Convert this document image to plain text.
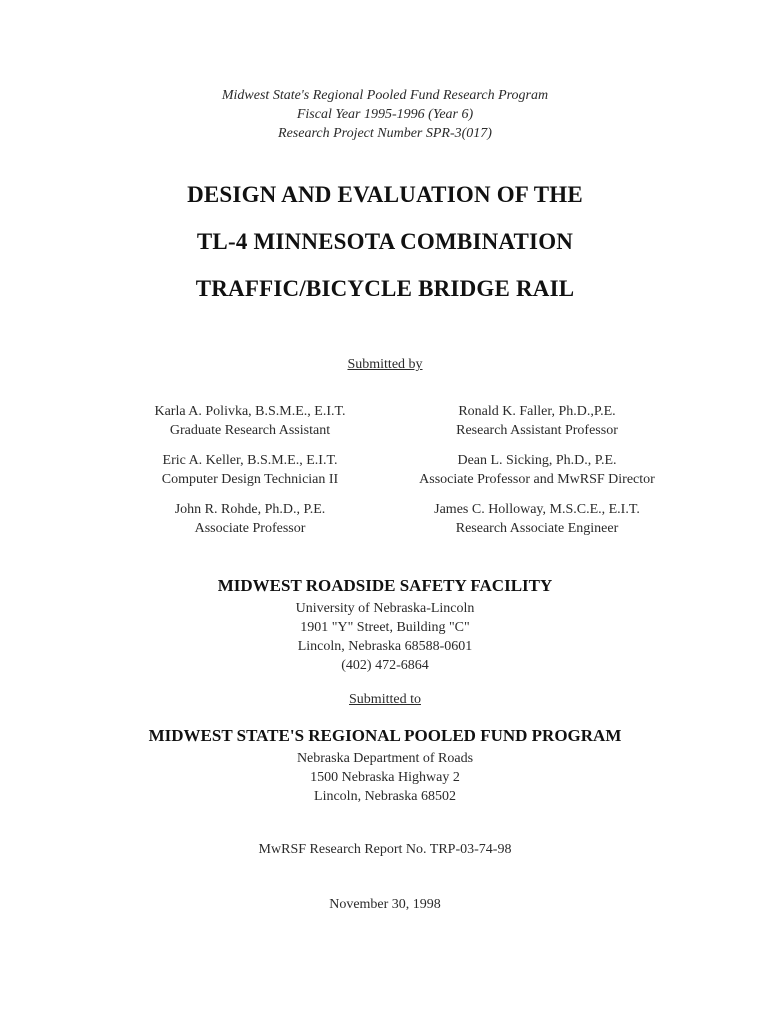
Midwest State's Regional Pooled Fund Research Program
Fiscal Year 1995-1996 (Year 6)
Research Project Number SPR-3(017)
DESIGN AND EVALUATION OF THE
TL-4 MINNESOTA COMBINATION
TRAFFIC/BICYCLE BRIDGE RAIL
Submitted by
Karla A. Polivka, B.S.M.E., E.I.T.
Graduate Research Assistant
Ronald K. Faller, Ph.D.,P.E.
Research Assistant Professor
Eric A. Keller, B.S.M.E., E.I.T.
Computer Design Technician II
Dean L. Sicking, Ph.D., P.E.
Associate Professor and MwRSF Director
John R. Rohde, Ph.D., P.E.
Associate Professor
James C. Holloway, M.S.C.E., E.I.T.
Research Associate Engineer
MIDWEST ROADSIDE SAFETY FACILITY
University of Nebraska-Lincoln
1901 "Y" Street, Building "C"
Lincoln, Nebraska 68588-0601
(402) 472-6864
Submitted to
MIDWEST STATE'S REGIONAL POOLED FUND PROGRAM
Nebraska Department of Roads
1500 Nebraska Highway 2
Lincoln, Nebraska 68502
MwRSF Research Report No. TRP-03-74-98
November 30, 1998
